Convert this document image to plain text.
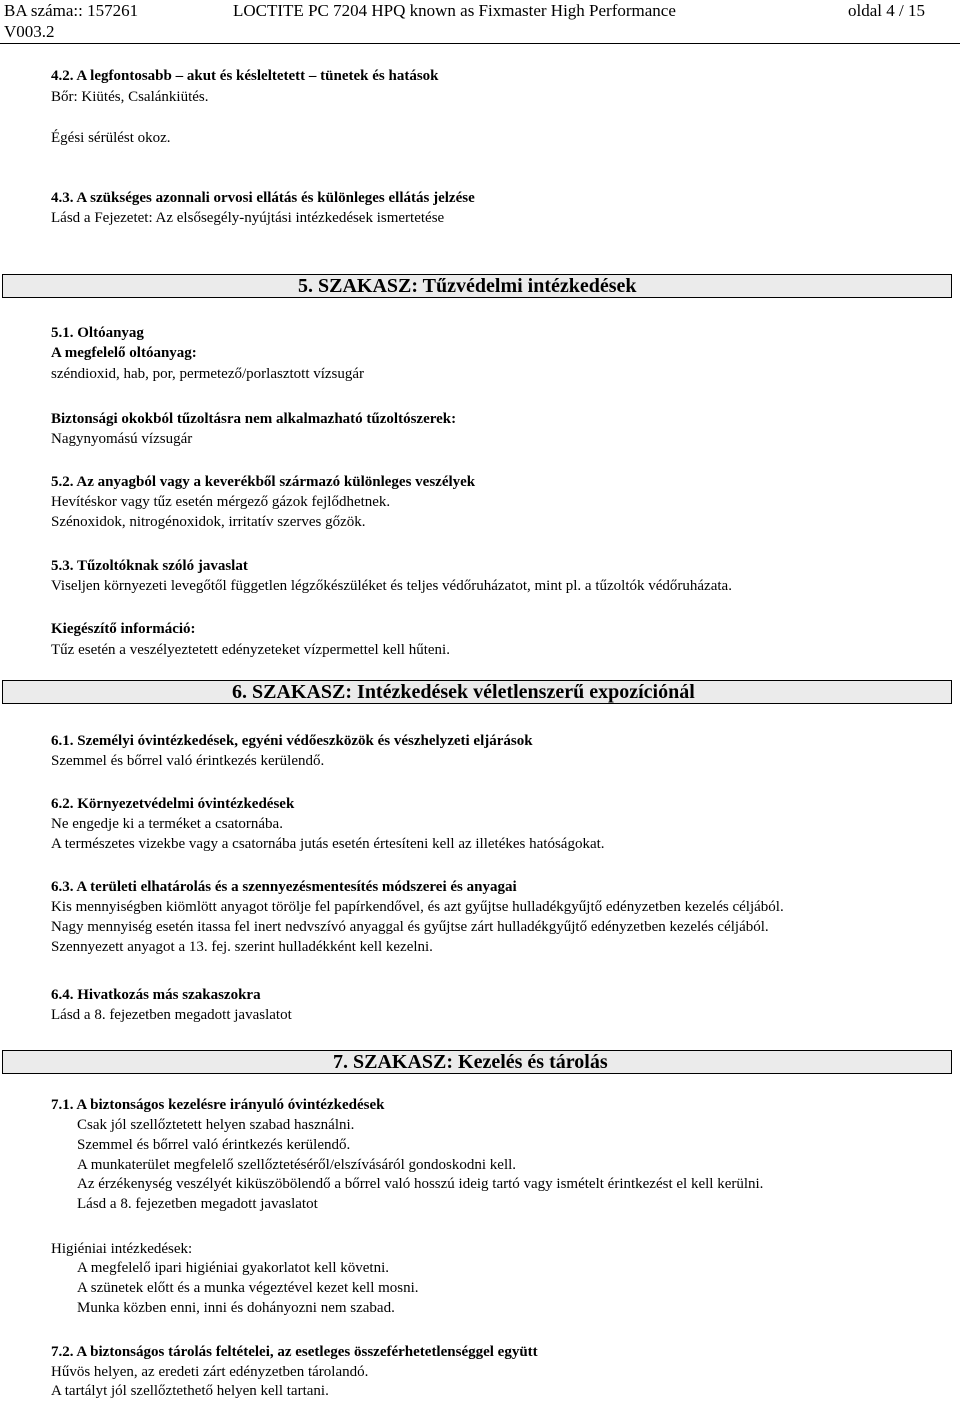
BA száma:: 157261
V003.2
LOCTITE PC 7204 HPQ known as Fixmaster High Performance	oldal 4 / 15
4.2. A legfontosabb – akut és késleltetett – tünetek és hatások
Bőr: Kiütés, Csalánkiütés.
Égési sérülést okoz.
4.3. A szükséges azonnali orvosi ellátás és különleges ellátás jelzése
Lásd a Fejezetet: Az elsősegély-nyújtási intézkedések ismertetése
5. SZAKASZ: Tűzvédelmi intézkedések
5.1. Oltóanyag
A megfelelő oltóanyag:
széndioxid, hab, por, permetező/porlasztott vízsugár
Biztonsági okokból tűzoltásra nem alkalmazható tűzoltószerek:
Nagynyomású vízsugár
5.2. Az anyagból vagy a keverékből származó különleges veszélyek
Hevítéskor vagy tűz esetén mérgező gázok fejlődhetnek.
Szénoxidok, nitrogénoxidok, irritatív szerves gőzök.
5.3. Tűzoltóknak szóló javaslat
Viseljen környezeti levegőtől független légzőkészüléket és teljes védőruházatot, mint pl. a tűzoltók védőruházata.
Kiegészítő információ:
Tűz esetén a veszélyeztetett edényzeteket vízpermettel kell hűteni.
6. SZAKASZ: Intézkedések véletlenszerű expozíciónál
6.1. Személyi óvintézkedések, egyéni védőeszközök és vészhelyzeti eljárások
Szemmel és bőrrel való érintkezés kerülendő.
6.2. Környezetvédelmi óvintézkedések
Ne engedje ki a terméket a csatornába.
A természetes vizekbe vagy a csatornába jutás esetén értesíteni kell az illetékes hatóságokat.
6.3. A területi elhatárolás és a szennyezésmentesítés módszerei és anyagai
Kis mennyiségben kiömlött anyagot törölje fel papírkendővel, és azt gyűjtse hulladékgyűjtő edényzetben kezelés céljából.
Nagy mennyiség esetén itassa fel inert nedvszívó anyaggal és gyűjtse zárt hulladékgyűjtő edényzetben kezelés céljából.
Szennyezett anyagot a 13. fej. szerint hulladékként kell kezelni.
6.4. Hivatkozás más szakaszokra
Lásd a 8. fejezetben megadott javaslatot
7. SZAKASZ: Kezelés és tárolás
7.1. A biztonságos kezelésre irányuló óvintézkedések
Csak jól szellőztetett helyen szabad használni.
Szemmel és bőrrel való érintkezés kerülendő.
A munkaterület megfelelő szellőztetéséről/elszívásáról gondoskodni kell.
Az érzékenység veszélyét kiküszöbölendő a bőrrel való hosszú ideig tartó vagy ismételt érintkezést el kell kerülni.
Lásd a 8. fejezetben megadott javaslatot
Higiéniai intézkedések:
A megfelelő ipari higiéniai gyakorlatot kell követni.
A szünetek előtt és a munka végeztével kezet kell mosni.
Munka közben enni, inni és dohányozni nem szabad.
7.2. A biztonságos tárolás feltételei, az esetleges összeférhetetlenséggel együtt
Hűvös helyen, az eredeti zárt edényzetben tárolandó.
A tartályt jól szellőztethető helyen kell tartani.
